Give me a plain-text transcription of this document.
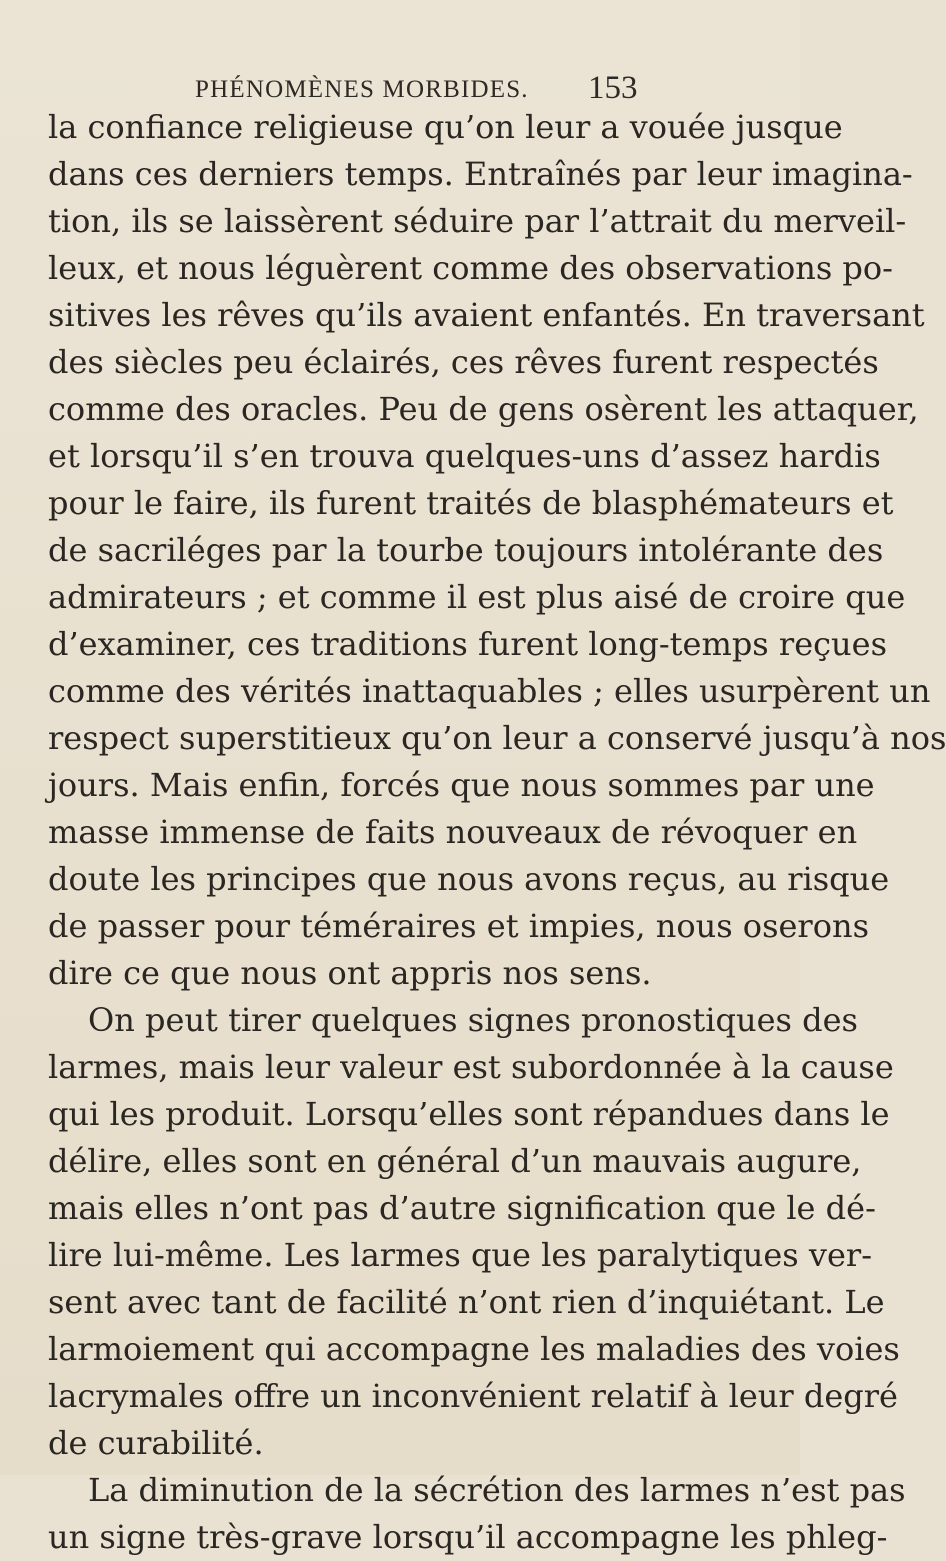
PHÉNOMÈNES MORBIDES.	153
la confiance religieuse qu’on leur a vouée jusque
dans ces derniers temps. Entraînés par leur imagina-
tion, ils se laissèrent séduire par l’attrait du merveil-
leux, et nous léguèrent comme des observations po-
sitives les rêves qu’ils avaient enfantés. En traversant
des siècles peu éclairés, ces rêves furent respectés
comme des oracles. Peu de gens osèrent les attaquer,
et lorsqu’il s’en trouva quelques-uns d’assez hardis
pour le faire, ils furent traités de blasphémateurs et
de sacriléges par la tourbe toujours intolérante des
admirateurs ; et comme il est plus aisé de croire que
d’examiner, ces traditions furent long-temps reçues
comme des vérités inattaquables ; elles usurpèrent un
respect superstitieux qu’on leur a conservé jusqu’à nos
jours. Mais enfin, forcés que nous sommes par une
masse immense de faits nouveaux de révoquer en
doute les principes que nous avons reçus, au risque
de passer pour téméraires et impies, nous oserons
dire ce que nous ont appris nos sens.
On peut tirer quelques signes pronostiques des
larmes, mais leur valeur est subordonnée à la cause
qui les produit. Lorsqu’elles sont répandues dans le
délire, elles sont en général d’un mauvais augure,
mais elles n’ont pas d’autre signification que le dé-
lire lui-même. Les larmes que les paralytiques ver-
sent avec tant de facilité n’ont rien d’inquiétant. Le
larmoiement qui accompagne les maladies des voies
lacrymales offre un inconvénient relatif à leur degré
de curabilité.
La diminution de la sécrétion des larmes n’est pas
un signe très-grave lorsqu’il accompagne les phleg-
